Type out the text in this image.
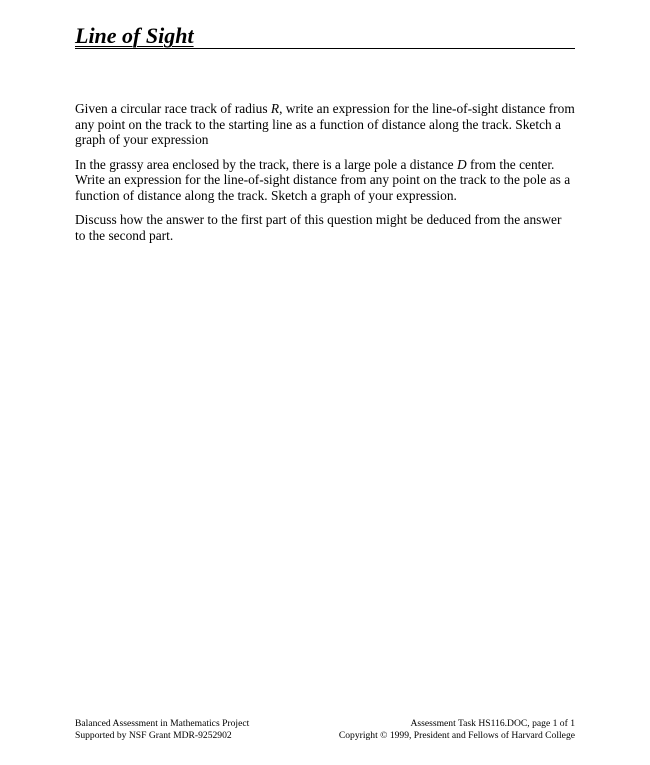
Line of Sight

Given a circular race track of radius R, write an expression for the line-of-sight distance from any point on the track to the starting line as a function of distance along the track. Sketch a graph of your expression

In the grassy area enclosed by the track, there is a large pole a distance D from the center. Write an expression for the line-of-sight distance from any point on the track to the pole as a function of distance along the track. Sketch a graph of your expression.

Discuss how the answer to the first part of this question might be deduced from the answer to the second part.

Balanced Assessment in Mathematics Project
Supported by NSF Grant MDR-9252902
Assessment Task HS116.DOC, page 1 of 1
Copyright © 1999, President and Fellows of Harvard College
